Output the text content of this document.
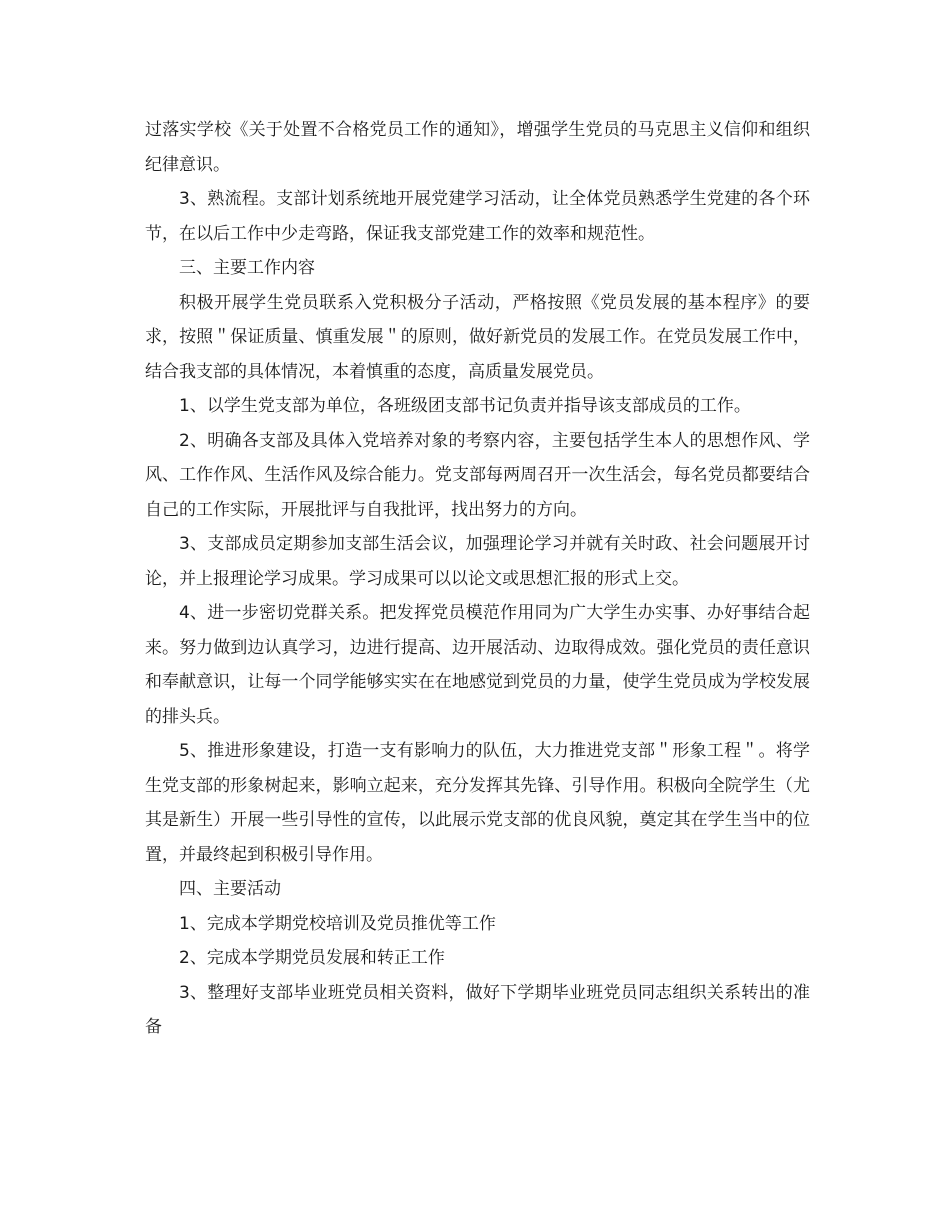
过落实学校《关于处置不合格党员工作的通知》，增强学生党员的马克思主义信仰和组织纪律意识。

3、熟流程。支部计划系统地开展党建学习活动，让全体党员熟悉学生党建的各个环节，在以后工作中少走弯路，保证我支部党建工作的效率和规范性。

三、主要工作内容

积极开展学生党员联系入党积极分子活动，严格按照《党员发展的基本程序》的要求，按照＂保证质量、慎重发展＂的原则，做好新党员的发展工作。在党员发展工作中，结合我支部的具体情况，本着慎重的态度，高质量发展党员。

1、以学生党支部为单位，各班级团支部书记负责并指导该支部成员的工作。

2、明确各支部及具体入党培养对象的考察内容，主要包括学生本人的思想作风、学风、工作作风、生活作风及综合能力。党支部每两周召开一次生活会，每名党员都要结合自己的工作实际，开展批评与自我批评，找出努力的方向。

3、支部成员定期参加支部生活会议，加强理论学习并就有关时政、社会问题展开讨论，并上报理论学习成果。学习成果可以以论文或思想汇报的形式上交。

4、进一步密切党群关系。把发挥党员模范作用同为广大学生办实事、办好事结合起来。努力做到边认真学习，边进行提高、边开展活动、边取得成效。强化党员的责任意识和奉献意识，让每一个同学能够实实在在地感觉到党员的力量，使学生党员成为学校发展的排头兵。

5、推进形象建设，打造一支有影响力的队伍，大力推进党支部＂形象工程＂。将学生党支部的形象树起来，影响立起来，充分发挥其先锋、引导作用。积极向全院学生（尤其是新生）开展一些引导性的宣传，以此展示党支部的优良风貌，奠定其在学生当中的位置，并最终起到积极引导作用。

四、主要活动

1、完成本学期党校培训及党员推优等工作

2、完成本学期党员发展和转正工作

3、整理好支部毕业班党员相关资料，做好下学期毕业班党员同志组织关系转出的准备
